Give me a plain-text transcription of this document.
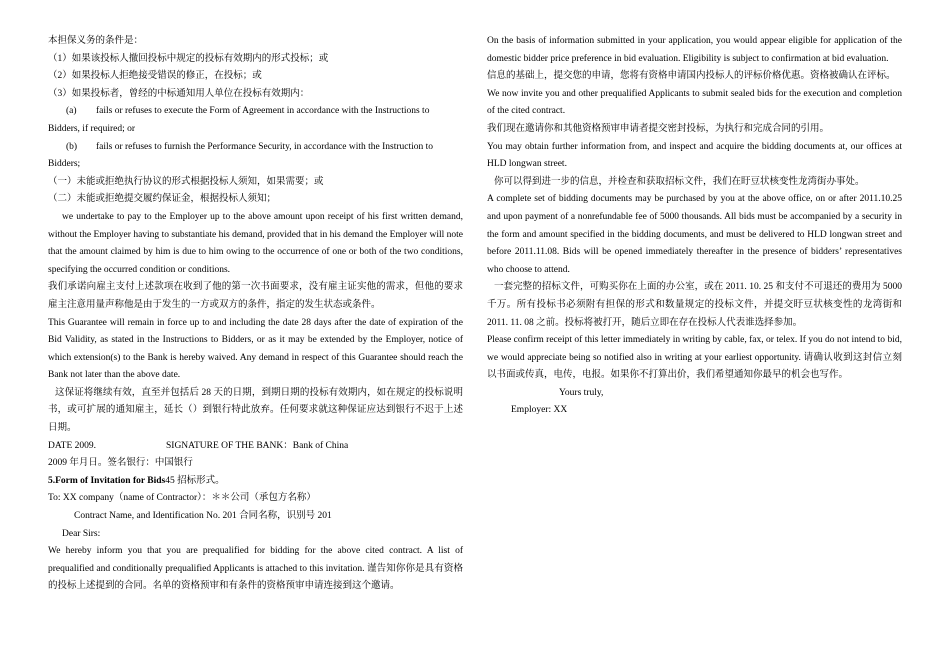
本担保义务的条件是：

（1）如果该投标人撤回投标中规定的投标有效期内的形式投标；或

（2）如果投标人拒绝接受错误的修正，在投标；或

（3）如果投标者，曾经的中标通知用人单位在投标有效期内：

(a)	fails or refuses to execute the Form of Agreement in accordance with the Instructions to

Bidders, if required; or

(b)	fails or refuses to furnish the Performance Security, in accordance with the Instruction to

Bidders;

（一）未能或拒绝执行协议的形式根据投标人须知，如果需要；或

（二）未能或拒绝提交履约保证金，根据投标人须知；

we undertake to pay to the Employer up to the above amount upon receipt of his first written demand, without the Employer having to substantiate his demand, provided that in his demand the Employer will note that the amount claimed by him is due to him owing to the occurrence of one or both of the two conditions, specifying the occurred condition or conditions.

我们承诺向雇主支付上述款项在收到了他的第一次书面要求，没有雇主证实他的需求，但他的要求雇主注意用量声称他是由于发生的一方或双方的条件，指定的发生状态或条件。

This Guarantee will remain in force up to and including the date 28 days after the date of expiration of the Bid Validity, as stated in the Instructions to Bidders, or as it may be extended by the Employer, notice of which extension(s) to the Bank is hereby waived. Any demand in respect of this Guarantee should reach the Bank not later than the above date.

这保证将继续有效，直至并包括后 28 天的日期，到期日期的投标有效期内，如在规定的投标说明书，或可扩展的通知雇主，延长（）到银行特此放弃。任何要求就这种保证应达到银行不迟于上述日期。

DATE 2009.	SIGNATURE OF THE BANK：Bank of China

2009 年月日。签名银行：中国银行

5.Form of Invitation for Bids45 招标形式。

To: XX company（name of Contractor）：＊＊公司（承包方名称）

Contract Name, and Identification No. 201 合同名称，识别号 201

Dear Sirs:

We hereby inform you that you are prequalified for bidding for the above cited contract. A list of prequalified and conditionally prequalified Applicants is attached to this invitation. 谨告知你你是具有资格的投标上述提到的合同。名单的资格预审和有条件的资格预审申请连接到这个邀请。

On the basis of information submitted in your application, you would appear eligible for application of the domestic bidder price preference in bid evaluation. Eligibility is subject to confirmation at bid evaluation.

信息的基础上，提交您的申请，您将有资格申请国内投标人的评标价格优惠。资格被确认在评标。

We now invite you and other prequalified Applicants to submit sealed bids for the execution and completion of the cited contract.

我们现在邀请你和其他资格预审申请者提交密封投标，为执行和完成合同的引用。

You may obtain further information from, and inspect and acquire the bidding documents at, our offices at HLD longwan street.

你可以得到进一步的信息，并检查和获取招标文件，我们在盱豆状核变性龙湾街办事处。

A complete set of bidding documents may be purchased by you at the above office, on or after 2011.10.25 and upon payment of a nonrefundable fee of 5000 thousands. All bids must be accompanied by a security in the form and amount specified in the bidding documents, and must be delivered to HLD longwan street and before 2011.11.08. Bids will be opened immediately thereafter in the presence of bidders’ representatives who choose to attend.

一套完整的招标文件，可购买你在上面的办公室，或在 2011. 10. 25 和支付不可退还的费用为 5000 千万。所有投标书必须附有担保的形式和数量规定的投标文件，并提交盱豆状核变性的龙湾街和 2011. 11. 08 之前。投标将被打开，随后立即在存在投标人代表谁选择参加。

Please confirm receipt of this letter immediately in writing by cable, fax, or telex. If you do not intend to bid, we would appreciate being so notified also in writing at your earliest opportunity. 请确认收到这封信立刻以书面或传真，电传，电报。如果你不打算出价，我们希望通知你最早的机会也写作。

Yours truly,

Employer: XX
